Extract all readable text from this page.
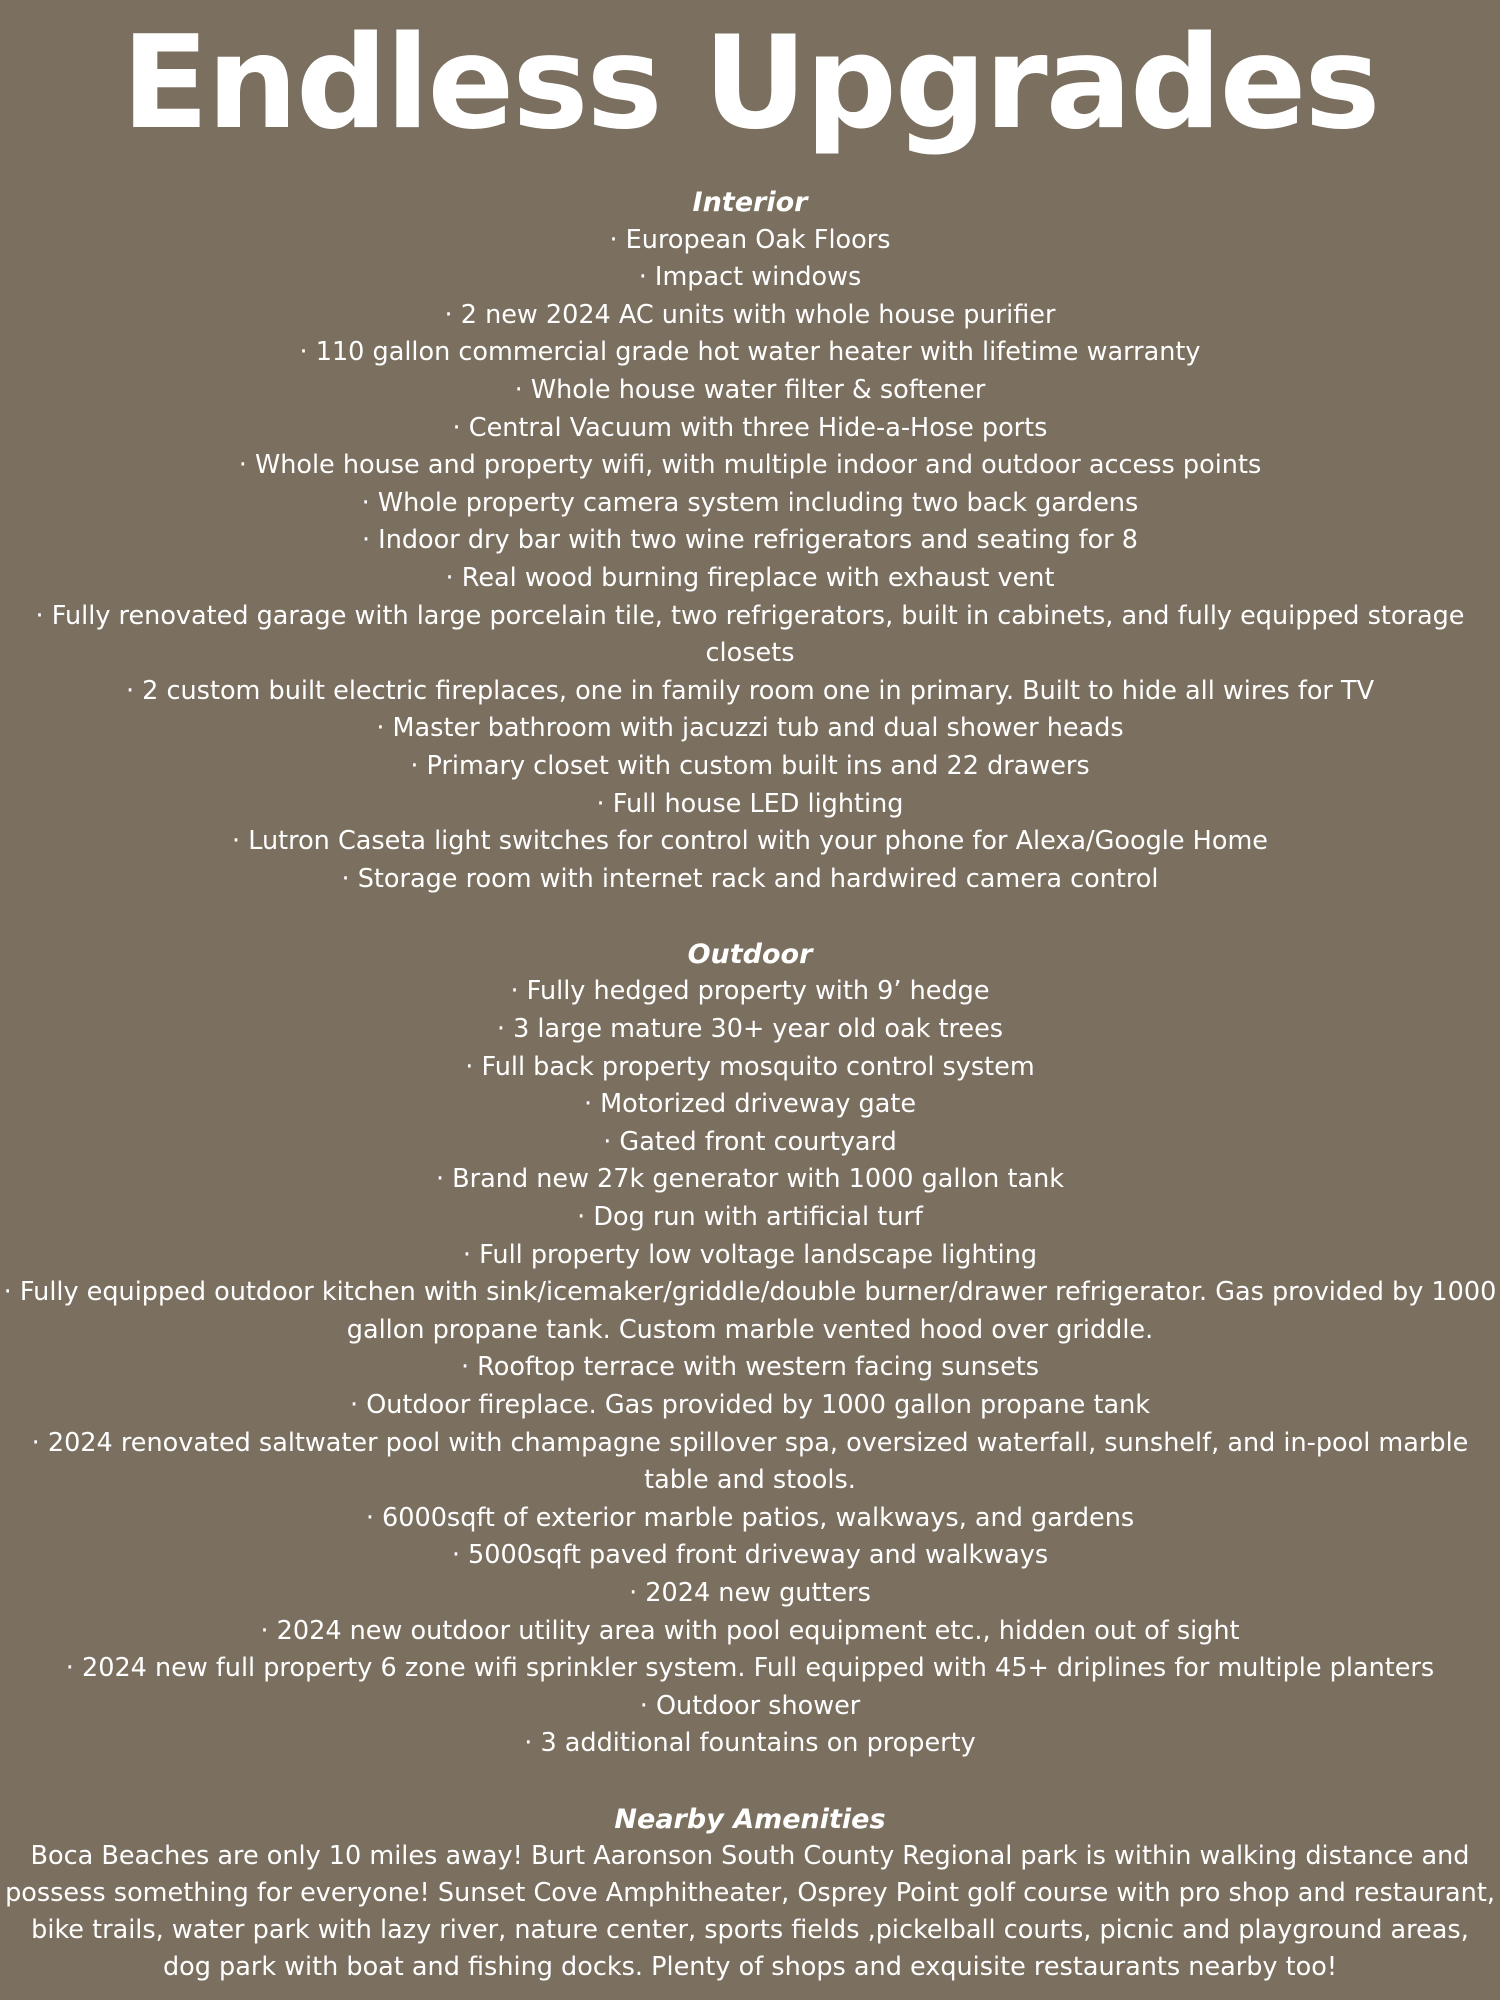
Endless Upgrades
Interior
· European Oak Floors
· Impact windows
· 2 new 2024 AC units with whole house purifier
· 110 gallon commercial grade hot water heater with lifetime warranty
· Whole house water filter & softener
· Central Vacuum with three Hide-a-Hose ports
· Whole house and property wifi, with multiple indoor and outdoor access points
· Whole property camera system including two back gardens
· Indoor dry bar with two wine refrigerators and seating for 8
· Real wood burning fireplace with exhaust vent
· Fully renovated garage with large porcelain tile, two refrigerators, built in cabinets, and fully equipped storage closets
· 2 custom built electric fireplaces, one in family room one in primary. Built to hide all wires for TV
· Master bathroom with jacuzzi tub and dual shower heads
· Primary closet with custom built ins and 22 drawers
· Full house LED lighting
· Lutron Caseta light switches for control with your phone for Alexa/Google Home
· Storage room with internet rack and hardwired camera control
Outdoor
· Fully hedged property with 9’ hedge
· 3 large mature 30+ year old oak trees
· Full back property mosquito control system
· Motorized driveway gate
· Gated front courtyard
· Brand new 27k generator with 1000 gallon tank
· Dog run with artificial turf
· Full property low voltage landscape lighting
· Fully equipped outdoor kitchen with sink/icemaker/griddle/double burner/drawer refrigerator. Gas provided by 1000 gallon propane tank. Custom marble vented hood over griddle.
· Rooftop terrace with western facing sunsets
· Outdoor fireplace. Gas provided by 1000 gallon propane tank
· 2024 renovated saltwater pool with champagne spillover spa, oversized waterfall, sunshelf, and in-pool marble table and stools.
· 6000sqft of exterior marble patios, walkways, and gardens
· 5000sqft paved front driveway and walkways
· 2024 new gutters
· 2024 new outdoor utility area with pool equipment etc., hidden out of sight
· 2024 new full property 6 zone wifi sprinkler system. Full equipped with 45+ driplines for multiple planters
· Outdoor shower
· 3 additional fountains on property
Nearby Amenities

Boca Beaches are only 10 miles away! Burt Aaronson South County Regional park is within walking distance and possess something for everyone! Sunset Cove Amphitheater, Osprey Point golf course with pro shop and restaurant, bike trails, water park with lazy river, nature center, sports fields ,pickelball courts, picnic and playground areas, dog park with boat and fishing docks. Plenty of shops and exquisite restaurants nearby too!
